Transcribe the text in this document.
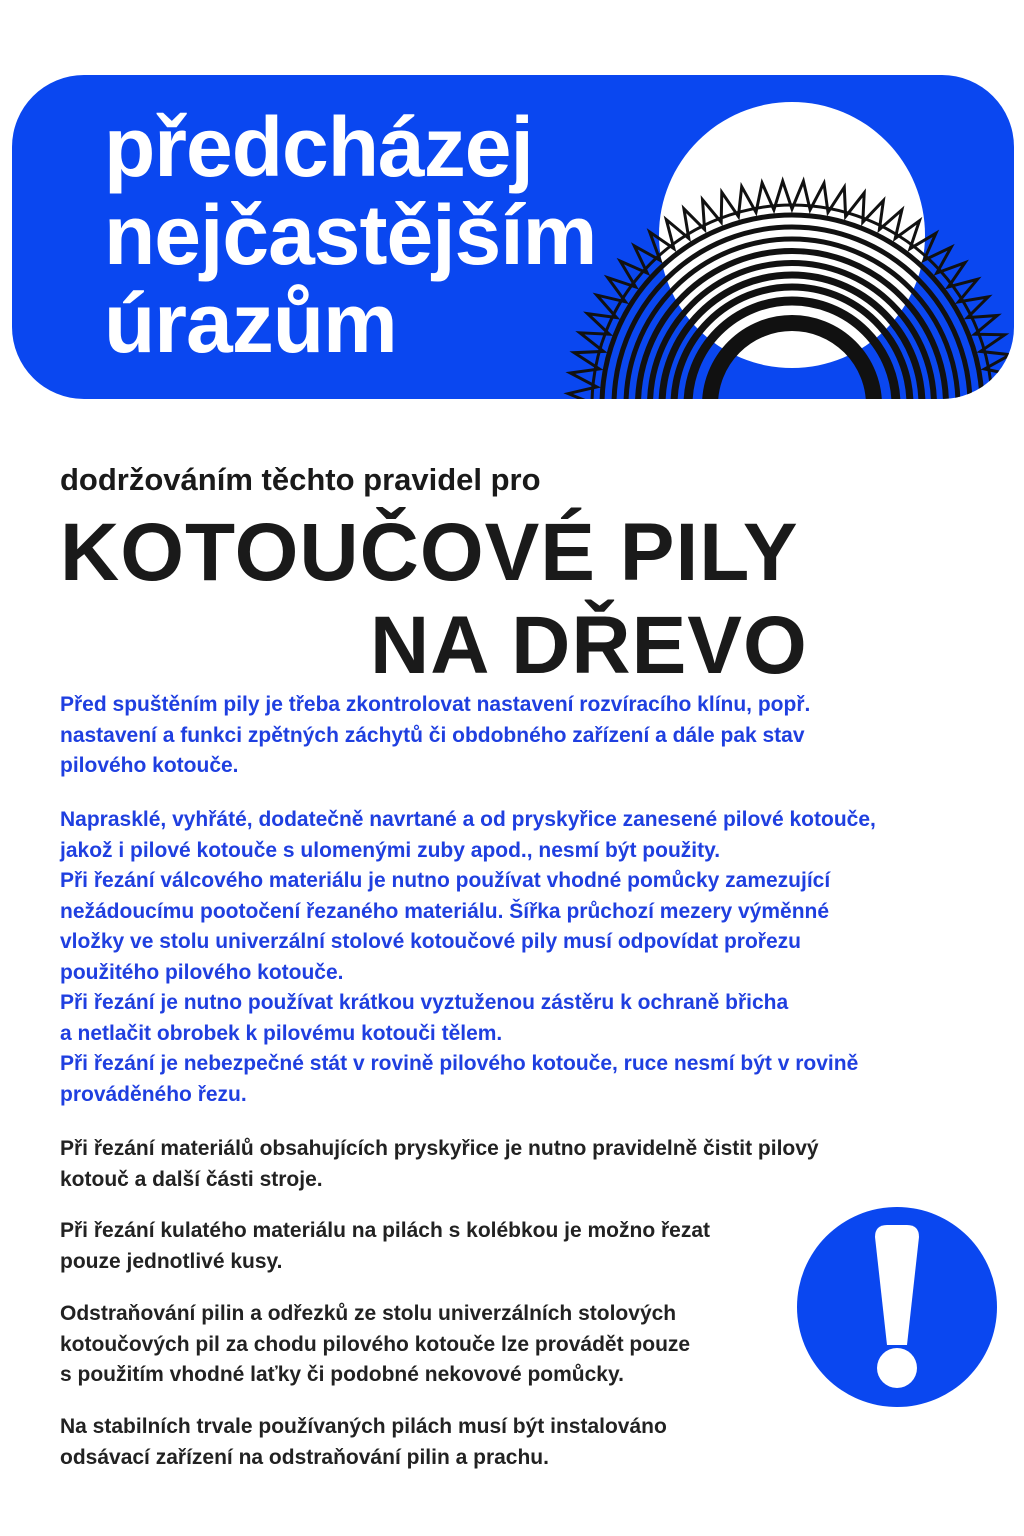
předcházej
nejčastějším
úrazům
dodržováním těchto pravidel pro
KOTOUČOVÉ PILY
NA DŘEVO

Před spuštěním pily je třeba zkontrolovat nastavení rozvíracího klínu, popř.

nastavení a funkci zpětných záchytů či obdobného zařízení a dále pak stav

pilového kotouče.

Naprasklé, vyhřáté, dodatečně navrtané a od pryskyřice zanesené pilové kotouče,

jakož i pilové kotouče s ulomenými zuby apod., nesmí být použity.

Při řezání válcového materiálu je nutno používat vhodné pomůcky zamezující

nežádoucímu pootočení řezaného materiálu. Šířka průchozí mezery výměnné

vložky ve stolu univerzální stolové kotoučové pily musí odpovídat prořezu

použitého pilového kotouče.

Při řezání je nutno používat krátkou vyztuženou zástěru k ochraně břicha

a netlačit obrobek k pilovému kotouči tělem.

Při řezání je nebezpečné stát v rovině pilového kotouče, ruce nesmí být v rovině

prováděného řezu.

Při řezání materiálů obsahujících pryskyřice je nutno pravidelně čistit pilový

kotouč a další části stroje.

Při řezání kulatého materiálu na pilách s kolébkou je možno řezat

pouze jednotlivé kusy.

Odstraňování pilin a odřezků ze stolu univerzálních stolových

kotoučových pil za chodu pilového kotouče lze provádět pouze

s použitím vhodné laťky či podobné nekovové pomůcky.

Na stabilních trvale používaných pilách musí být instalováno

odsávací zařízení na odstraňování pilin a prachu.
